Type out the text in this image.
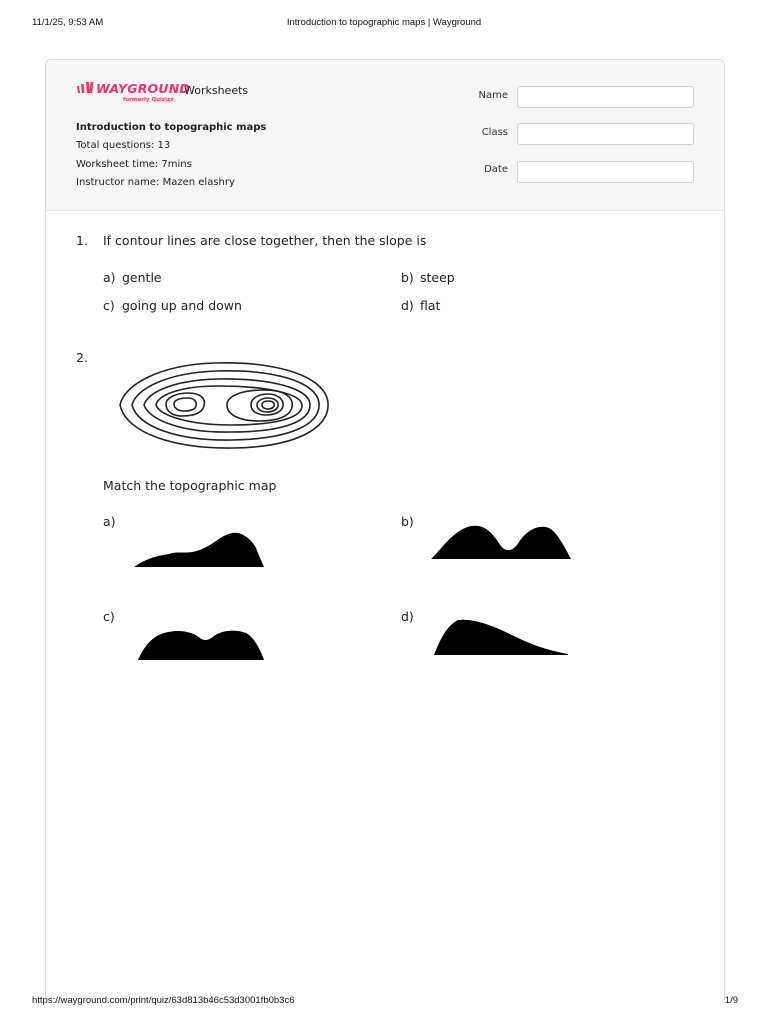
11/1/25, 9:53 AM	Introduction to topographic maps | Wayground
WAYGROUND
formerly Quizizz
Worksheets
Introduction to topographic maps
Total questions: 13
Worksheet time: 7mins
Instructor name: Mazen elashry
Name
Class
Date
1. If contour lines are close together, then the slope is
a) gentle	b) steep
c) going up and down	d) flat
2.
Match the topographic map
a)	b)
c)	d)
https://wayground.com/print/quiz/63d813b46c53d3001fb0b3c6	1/9
